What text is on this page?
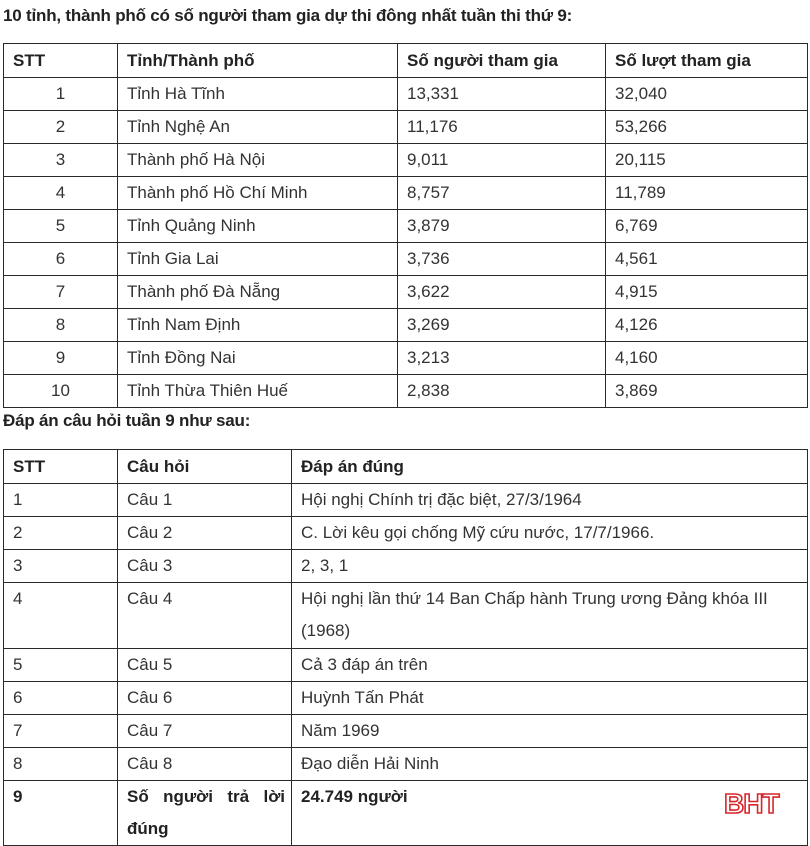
10 tỉnh, thành phố có số người tham gia dự thi đông nhất tuần thi thứ 9:
STT	Tỉnh/Thành phố	Số người tham gia	Số lượt tham gia
1	Tỉnh Hà Tĩnh	13,331	32,040
2	Tỉnh Nghệ An	11,176	53,266
3	Thành phố Hà Nội	9,011	20,115
4	Thành phố Hồ Chí Minh	8,757	11,789
5	Tỉnh Quảng Ninh	3,879	6,769
6	Tỉnh Gia Lai	3,736	4,561
7	Thành phố Đà Nẵng	3,622	4,915
8	Tỉnh Nam Định	3,269	4,126
9	Tỉnh Đồng Nai	3,213	4,160
10	Tỉnh Thừa Thiên Huế	2,838	3,869
Đáp án câu hỏi tuần 9 như sau:
STT	Câu hỏi	Đáp án đúng
1	Câu 1	Hội nghị Chính trị đặc biệt, 27/3/1964
2	Câu 2	C. Lời kêu gọi chống Mỹ cứu nước, 17/7/1966.
3	Câu 3	2, 3, 1
4	Câu 4	Hội nghị lần thứ 14 Ban Chấp hành Trung ương Đảng khóa III (1968)
5	Câu 5	Cả 3 đáp án trên
6	Câu 6	Huỳnh Tấn Phát
7	Câu 7	Năm 1969
8	Câu 8	Đạo diễn Hải Ninh
9	Số người trả lời đúng	24.749 người	BHT
